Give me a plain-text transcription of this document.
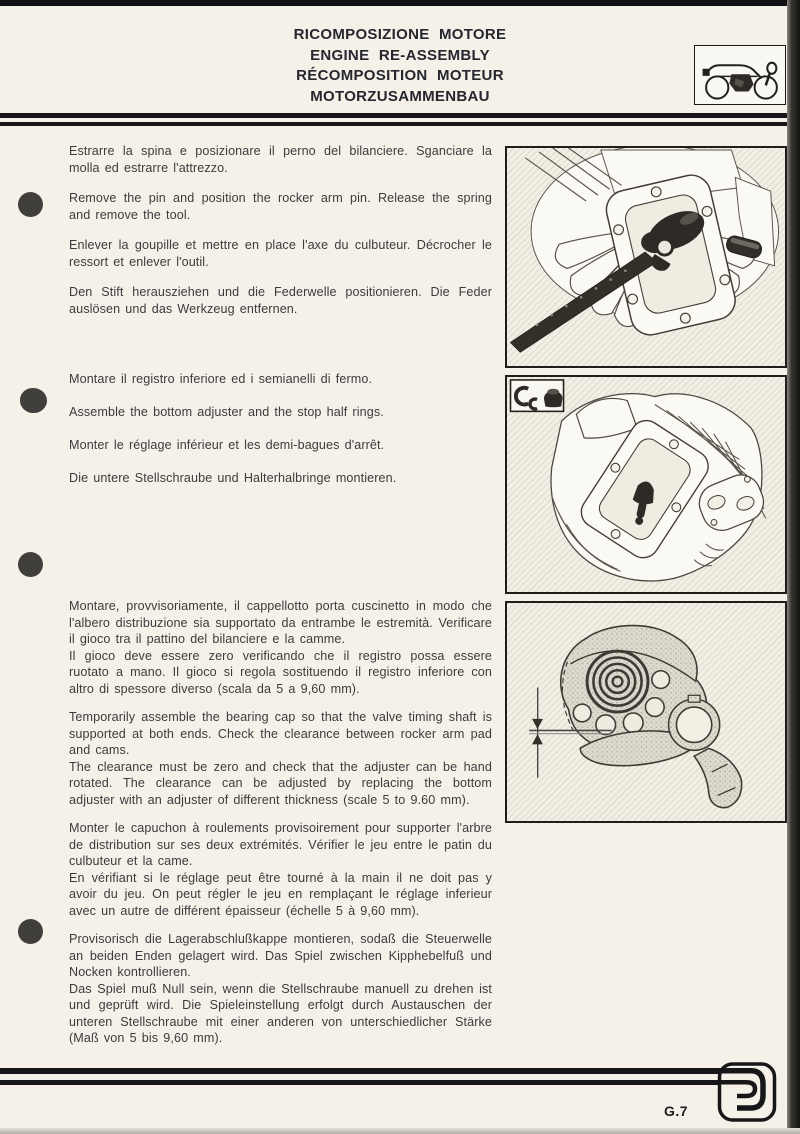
RICOMPOSIZIONE MOTORE
ENGINE RE-ASSEMBLY
RÉCOMPOSITION MOTEUR
MOTORZUSAMMENBAU

Estrarre la spina e posizionare il perno del bilanciere. Sganciare la molla ed estrarre l'attrezzo.

Remove the pin and position the rocker arm pin. Release the spring and remove the tool.

Enlever la goupille et mettre en place l'axe du culbuteur. Décrocher le ressort et enlever l'outil.

Den Stift herausziehen und die Federwelle positionieren. Die Feder auslösen und das Werkzeug entfernen.

Montare il registro inferiore ed i semianelli di fermo.

Assemble the bottom adjuster and the stop half rings.

Monter le réglage inférieur et les demi-bagues d'arrêt.

Die untere Stellschraube und Halterhalbringe montieren.

Montare, provvisoriamente, il cappellotto porta cuscinetto in modo che l'albero distribuzione sia supportato da entrambe le estremità. Verificare il gioco tra il pattino del bilanciere e la camme.

Il gioco deve essere zero verificando che il registro possa essere ruotato a mano. Il gioco si regola sostituendo il registro inferiore con altro di spessore diverso (scala da 5 a 9,60 mm).

Temporarily assemble the bearing cap so that the valve timing shaft is supported at both ends. Check the clearance between rocker arm pad and cams.

The clearance must be zero and check that the adjuster can be hand rotated. The clearance can be adjusted by replacing the bottom adjuster with an adjuster of different thickness (scale 5 to 9.60 mm).

Monter le capuchon à roulements provisoirement pour supporter l'arbre de distribution sur ses deux extrémités. Vérifier le jeu entre le patin du culbuteur et la came.

En vérifiant si le réglage peut être tourné à la main il ne doit pas y avoir du jeu. On peut régler le jeu en remplaçant le réglage inferieur avec un autre de différent épaisseur (échelle 5 à 9,60 mm).

Provisorisch die Lagerabschlußkappe montieren, sodaß die Steuerwelle an beiden Enden gelagert wird. Das Spiel zwischen Kipphebelfuß und Nocken kontrollieren.

Das Spiel muß Null sein, wenn die Stellschraube manuell zu drehen ist und geprüft wird. Die Spieleinstellung erfolgt durch Austauschen der unteren Stellschraube mit einer anderen von unterschiedlicher Stärke (Maß von 5 bis 9,60 mm).

G.7
